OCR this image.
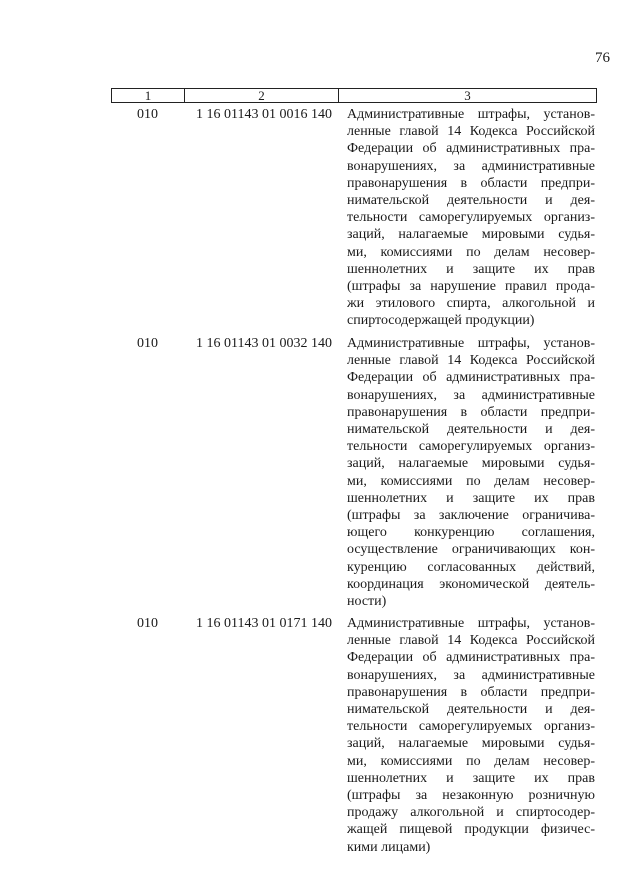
76
1	2	3
010	1 16 01143 01 0016 140	Административные штрафы, установ-
ленные главой 14 Кодекса Российской
Федерации об административных пра-
вонарушениях, за административные
правонарушения в области предпри-
нимательской деятельности и дея-
тельности саморегулируемых организ-
заций, налагаемые мировыми судья-
ми, комиссиями по делам несовер-
шеннолетних и защите их прав
(штрафы за нарушение правил прода-
жи этилового спирта, алкогольной и
спиртосодержащей продукции)
010	1 16 01143 01 0032 140	Административные штрафы, установ-
ленные главой 14 Кодекса Российской
Федерации об административных пра-
вонарушениях, за административные
правонарушения в области предпри-
нимательской деятельности и дея-
тельности саморегулируемых организ-
заций, налагаемые мировыми судья-
ми, комиссиями по делам несовер-
шеннолетних и защите их прав
(штрафы за заключение ограничива-
ющего конкуренцию соглашения,
осуществление ограничивающих кон-
куренцию согласованных действий,
координация экономической деятель-
ности)
010	1 16 01143 01 0171 140	Административные штрафы, установ-
ленные главой 14 Кодекса Российской
Федерации об административных пра-
вонарушениях, за административные
правонарушения в области предпри-
нимательской деятельности и дея-
тельности саморегулируемых организ-
заций, налагаемые мировыми судья-
ми, комиссиями по делам несовер-
шеннолетних и защите их прав
(штрафы за незаконную розничную
продажу алкогольной и спиртосодер-
жащей пищевой продукции физичес-
кими лицами)
